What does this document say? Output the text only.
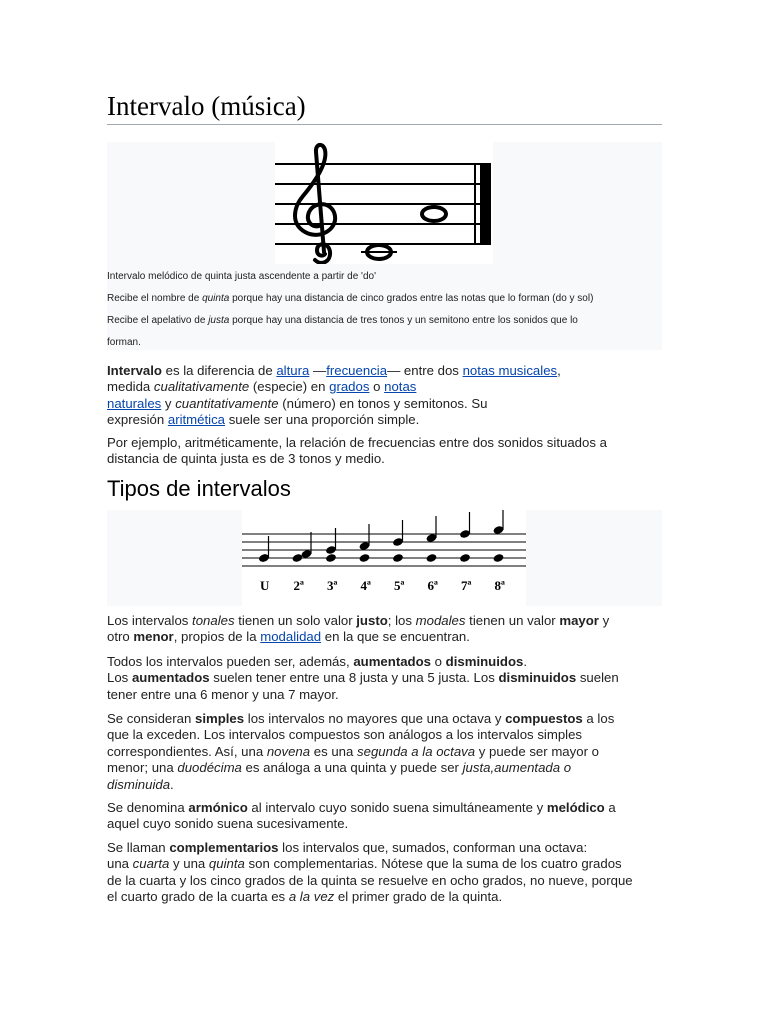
Intervalo (música)
Intervalo melódico de quinta justa ascendente a partir de 'do'
Recibe el nombre de quinta porque hay una distancia de cinco grados entre las notas que lo forman (do y sol)
Recibe el apelativo de justa porque hay una distancia de tres tonos y un semitono entre los sonidos que lo
forman.
Intervalo es la diferencia de altura —frecuencia— entre dos notas musicales,
medida cualitativamente (especie) en grados o notas
naturales y cuantitativamente (número) en tonos y semitonos. Su
expresión aritmética suele ser una proporción simple.
Por ejemplo, aritméticamente, la relación de frecuencias entre dos sonidos situados a
distancia de quinta justa es de 3 tonos y medio.
Tipos de intervalos
U 2ª 3ª 4ª 5ª 6ª 7ª 8ª
Los intervalos tonales tienen un solo valor justo; los modales tienen un valor mayor y
otro menor, propios de la modalidad en la que se encuentran.
Todos los intervalos pueden ser, además, aumentados o disminuidos.
Los aumentados suelen tener entre una 8 justa y una 5 justa. Los disminuidos suelen
tener entre una 6 menor y una 7 mayor.
Se consideran simples los intervalos no mayores que una octava y compuestos a los
que la exceden. Los intervalos compuestos son análogos a los intervalos simples
correspondientes. Así, una novena es una segunda a la octava y puede ser mayor o
menor; una duodécima es análoga a una quinta y puede ser justa,aumentada o
disminuida.
Se denomina armónico al intervalo cuyo sonido suena simultáneamente y melódico a
aquel cuyo sonido suena sucesivamente.
Se llaman complementarios los intervalos que, sumados, conforman una octava:
una cuarta y una quinta son complementarias. Nótese que la suma de los cuatro grados
de la cuarta y los cinco grados de la quinta se resuelve en ocho grados, no nueve, porque
el cuarto grado de la cuarta es a la vez el primer grado de la quinta.
